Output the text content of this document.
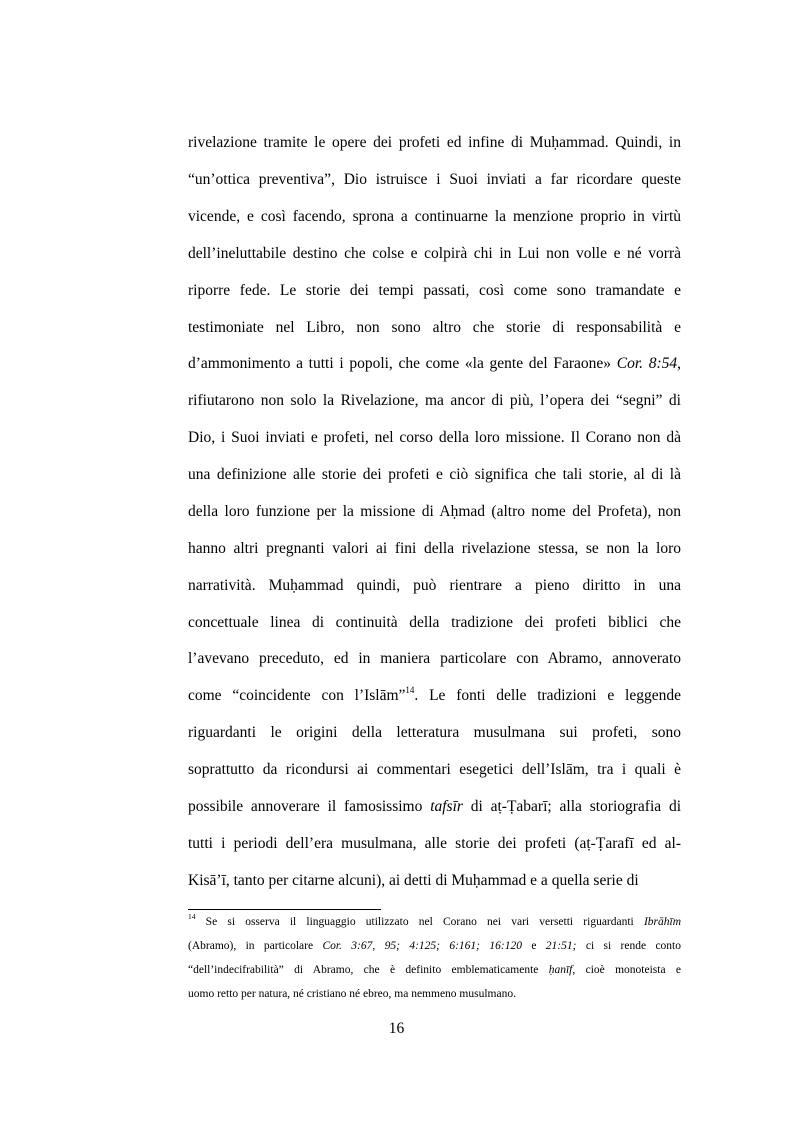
rivelazione tramite le opere dei profeti ed infine di Muḥammad. Quindi, in
“un’ottica preventiva”, Dio istruisce i Suoi inviati a far ricordare queste
vicende, e così facendo, sprona a continuarne la menzione proprio in virtù
dell’ineluttabile destino che colse e colpirà chi in Lui non volle e né vorrà
riporre fede. Le storie dei tempi passati, così come sono tramandate e
testimoniate nel Libro, non sono altro che storie di responsabilità e
d’ammonimento a tutti i popoli, che come «la gente del Faraone» Cor. 8:54,
rifiutarono non solo la Rivelazione, ma ancor di più, l’opera dei “segni” di
Dio, i Suoi inviati e profeti, nel corso della loro missione. Il Corano non dà
una definizione alle storie dei profeti e ciò significa che tali storie, al di là
della loro funzione per la missione di Aḥmad (altro nome del Profeta), non
hanno altri pregnanti valori ai fini della rivelazione stessa, se non la loro
narratività. Muḥammad quindi, può rientrare a pieno diritto in una
concettuale linea di continuità della tradizione dei profeti biblici che
l’avevano preceduto, ed in maniera particolare con Abramo, annoverato
come “coincidente con l’Islām”$^{14}$. Le fonti delle tradizioni e leggende
riguardanti le origini della letteratura musulmana sui profeti, sono
soprattutto da ricondursi ai commentari esegetici dell’Islām, tra i quali è
possibile annoverare il famosissimo tafsīr di aṭ-Ṭabarī; alla storiografia di
tutti i periodi dell’era musulmana, alle storie dei profeti (aṭ-Ṭarafī ed al-
Kisā’ī, tanto per citarne alcuni), ai detti di Muḥammad e a quella serie di
$^{14}$ Se si osserva il linguaggio utilizzato nel Corano nei vari versetti riguardanti Ibrāhīm
(Abramo), in particolare Cor. 3:67, 95; 4:125; 6:161; 16:120 e 21:51; ci si rende conto
“dell’indecifrabilità” di Abramo, che è definito emblematicamente ḥanīf, cioè monoteista e
uomo retto per natura, né cristiano né ebreo, ma nemmeno musulmano.
16
